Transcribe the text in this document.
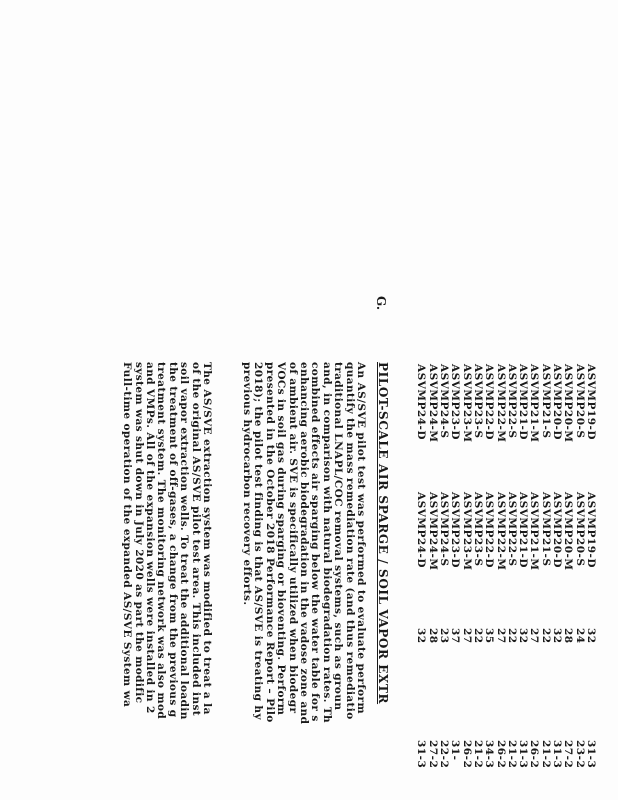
ASVMP19-D
ASVMP19-D
32
31-3
ASVMP20-S
ASVMP20-S
24
23-2
ASVMP20-M
ASVMP20-M
28
27-2
ASVMP20-D
ASVMP20-D
32
31-3
ASVMP21-S
ASVMP21-S
22
21-2
ASVMP21-M
ASVMP21-M
27
26-2
ASVMP21-D
ASVMP21-D
32
31-3
ASVMP22-S
ASVMP22-S
22
21-2
ASVMP22-M
ASVMP22-M
27
26-2
ASVMP22-D
ASVMP22-D
35
34-3
ASVMP23-S
ASVMP23-S
22
21-2
ASVMP23-M
ASVMP23-M
27
26-2
ASVMP23-D
ASVMP23-D
37
31-
ASVMP24-S
ASVMP24-S
23
22-2
ASVMP24-M
ASVMP24-M
28
27-2
ASVMP24-D
ASVMP24-D
32
31-3
G.
PILOT-SCALE AIR SPARGE / SOIL VAPOR EXTR
An AS/SVE pilot test was performed to evaluate perform
quantify the mass remediation rate (and thus remediatio
traditional LNAPL/COC removal systems, such as groun
and, in comparison with natural biodegradation rates. Th
combined effects air sparging below the water table for s
enhancing aerobic biodegradation in the vadose zone and
of ambient air. SVE is specifically utilized when biodegr
VOCs in soil gas during sparging or bioventing. Perform
presented in the October 2018 Performance Report – Pilo
2018); the pilot test finding is that AS/SVE is treating hy
previous hydrocarbon recovery efforts.
The AS/SVE extraction system was modified to treat a la
of the original AS/SVE pilot test area. This included inst
soil vapor extraction wells. To treat the additional loadin
the treatment of off-gases, a change from the previous g
treatment system. The monitoring network was also mod
and VMPs. All of the expansion wells were installed in 2
system was shut down in July 2020 as part the modific
Full-time operation of the expanded AS/SVE System wa
